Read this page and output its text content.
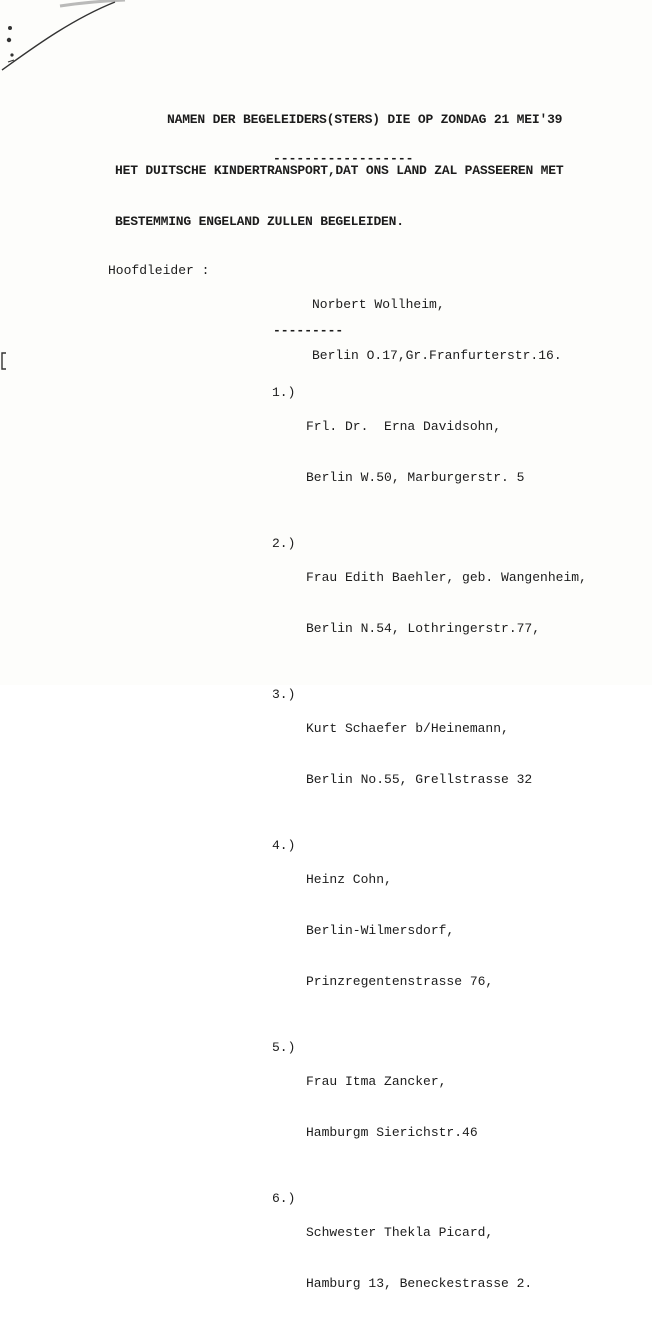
NAMEN DER BEGELEIDERS(STERS) DIE OP ZONDAG 21 MEI'39

HET DUITSCHE KINDERTRANSPORT,DAT ONS LAND ZAL PASSEEREN MET

BESTEMMING ENGELAND ZULLEN BEGELEIDEN.

------------------
Hoofdleider :

Norbert Wollheim,

Berlin O.17,Gr.Franfurterstr.16.

---------
1.)

Frl. Dr.  Erna Davidsohn,

Berlin W.50, Marburgerstr. 5

2.)

Frau Edith Baehler, geb. Wangenheim,

Berlin N.54, Lothringerstr.77,

3.)

Kurt Schaefer b/Heinemann,

Berlin No.55, Grellstrasse 32

4.)

Heinz Cohn,

Berlin-Wilmersdorf,

Prinzregentenstrasse 76,

5.)

Frau Itma Zancker,

Hamburgm Sierichstr.46

6.)

Schwester Thekla Picard,

Hamburg 13, Beneckestrasse 2.
